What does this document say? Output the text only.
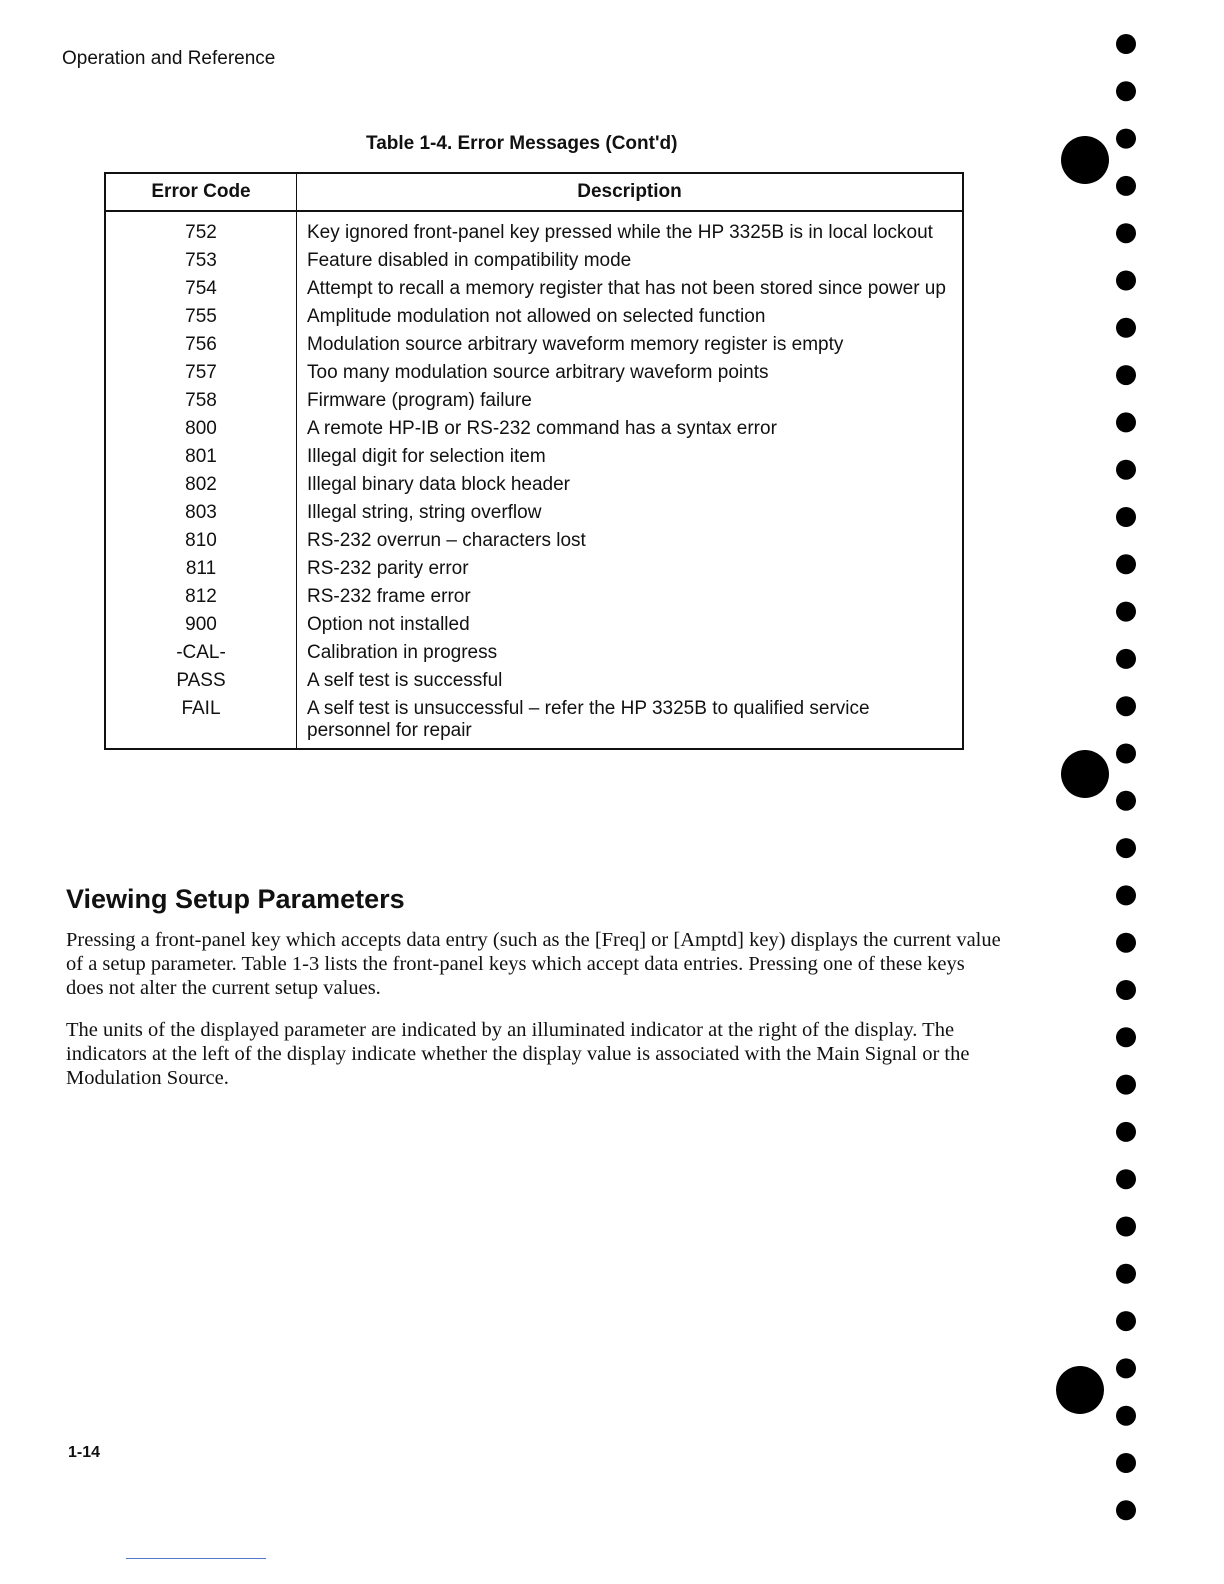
Operation and Reference
Table 1-4. Error Messages (Cont'd)
Error Code	Description
752	Key ignored front-panel key pressed while the HP 3325B is in local lockout
753	Feature disabled in compatibility mode
754	Attempt to recall a memory register that has not been stored since power up
755	Amplitude modulation not allowed on selected function
756	Modulation source arbitrary waveform memory register is empty
757	Too many modulation source arbitrary waveform points
758	Firmware (program) failure
800	A remote HP-IB or RS-232 command has a syntax error
801	Illegal digit for selection item
802	Illegal binary data block header
803	Illegal string, string overflow
810	RS-232 overrun – characters lost
811	RS-232 parity error
812	RS-232 frame error
900	Option not installed
-CAL-	Calibration in progress
PASS	A self test is successful
FAIL	A self test is unsuccessful – refer the HP 3325B to qualified service personnel for repair
Viewing Setup Parameters
Pressing a front-panel key which accepts data entry (such as the [Freq] or [Amptd] key) displays the current value of a setup parameter. Table 1-3 lists the front-panel keys which accept data entries. Pressing one of these keys does not alter the current setup values.
The units of the displayed parameter are indicated by an illuminated indicator at the right of the display. The indicators at the left of the display indicate whether the display value is associated with the Main Signal or the Modulation Source.
1-14
